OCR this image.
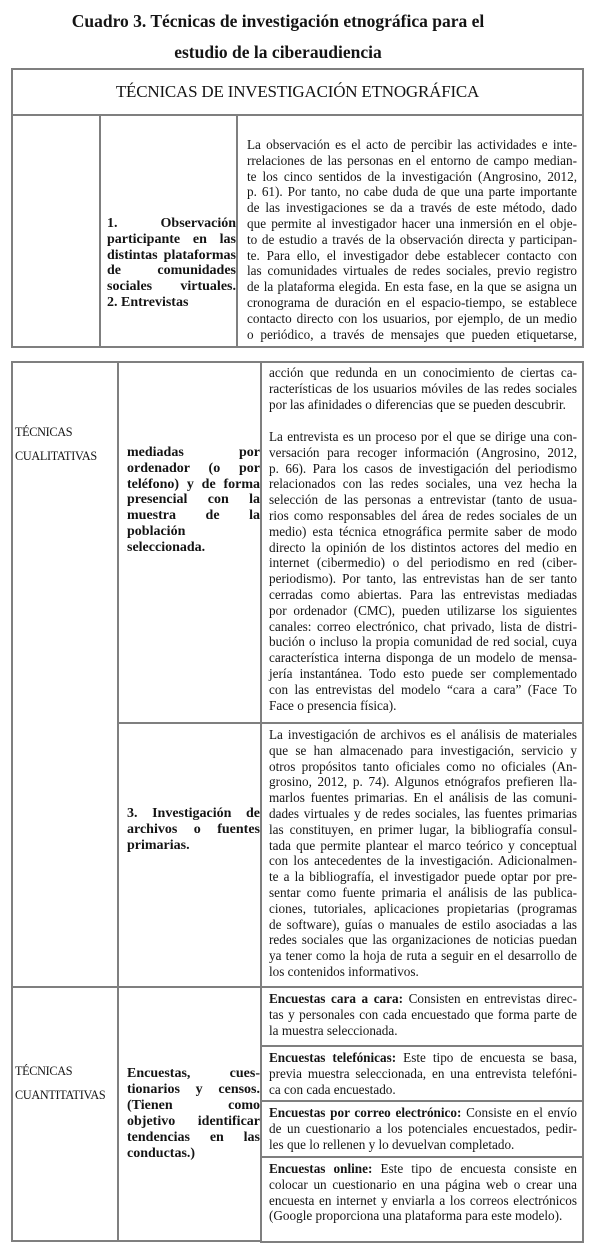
Cuadro 3. Técnicas de investigación etnográfica para el
estudio de la ciberaudiencia
TÉCNICAS DE INVESTIGACIÓN ETNOGRÁFICA
1. Observación
participante en las
distintas plataformas
de comunidades
sociales virtuales.
2. Entrevistas
La observación es el acto de percibir las actividades e inte-
rrelaciones de las personas en el entorno de campo median-
te los cinco sentidos de la investigación (Angrosino, 2012,
p. 61). Por tanto, no cabe duda de que una parte importante
de las investigaciones se da a través de este método, dado
que permite al investigador hacer una inmersión en el obje-
to de estudio a través de la observación directa y participan-
te. Para ello, el investigador debe establecer contacto con
las comunidades virtuales de redes sociales, previo registro
de la plataforma elegida. En esta fase, en la que se asigna un
cronograma de duración en el espacio-tiempo, se establece
contacto directo con los usuarios, por ejemplo, de un medio
o periódico, a través de mensajes que pueden etiquetarse,
TÉCNICAS
CUALITATIVAS	mediadas por
ordenador (o por
teléfono) y de forma
presencial con la
muestra de la
población
seleccionada.
acción que redunda en un conocimiento de ciertas ca-
racterísticas de los usuarios móviles de las redes sociales
por las afinidades o diferencias que se pueden descubrir.
La entrevista es un proceso por el que se dirige una con-
versación para recoger información (Angrosino, 2012,
p. 66). Para los casos de investigación del periodismo
relacionados con las redes sociales, una vez hecha la
selección de las personas a entrevistar (tanto de usua-
rios como responsables del área de redes sociales de un
medio) esta técnica etnográfica permite saber de modo
directo la opinión de los distintos actores del medio en
internet (cibermedio) o del periodismo en red (ciber-
periodismo). Por tanto, las entrevistas han de ser tanto
cerradas como abiertas. Para las entrevistas mediadas
por ordenador (CMC), pueden utilizarse los siguientes
canales: correo electrónico, chat privado, lista de distri-
bución o incluso la propia comunidad de red social, cuya
característica interna disponga de un modelo de mensa-
jería instantánea. Todo esto puede ser complementado
con las entrevistas del modelo “cara a cara” (Face To
Face o presencia física).
3. Investigación de
archivos o fuentes
primarias.
La investigación de archivos es el análisis de materiales
que se han almacenado para investigación, servicio y
otros propósitos tanto oficiales como no oficiales (An-
grosino, 2012, p. 74). Algunos etnógrafos prefieren lla-
marlos fuentes primarias. En el análisis de las comuni-
dades virtuales y de redes sociales, las fuentes primarias
las constituyen, en primer lugar, la bibliografía consul-
tada que permite plantear el marco teórico y conceptual
con los antecedentes de la investigación. Adicionalmen-
te a la bibliografía, el investigador puede optar por pre-
sentar como fuente primaria el análisis de las publica-
ciones, tutoriales, aplicaciones propietarias (programas
de software), guías o manuales de estilo asociadas a las
redes sociales que las organizaciones de noticias puedan
ya tener como la hoja de ruta a seguir en el desarrollo de
los contenidos informativos.
TÉCNICAS
CUANTITATIVAS
Encuestas, cues-
tionarios y censos.
(Tienen como
objetivo identificar
tendencias en las
conductas.)
Encuestas cara a cara: Consisten en entrevistas direc-
tas y personales con cada encuestado que forma parte de
la muestra seleccionada.
Encuestas telefónicas: Este tipo de encuesta se basa,
previa muestra seleccionada, en una entrevista telefóni-
ca con cada encuestado.
Encuestas por correo electrónico: Consiste en el envío
de un cuestionario a los potenciales encuestados, pedir-
les que lo rellenen y lo devuelvan completado.
Encuestas online: Este tipo de encuesta consiste en
colocar un cuestionario en una página web o crear una
encuesta en internet y enviarla a los correos electrónicos
(Google proporciona una plataforma para este modelo).
